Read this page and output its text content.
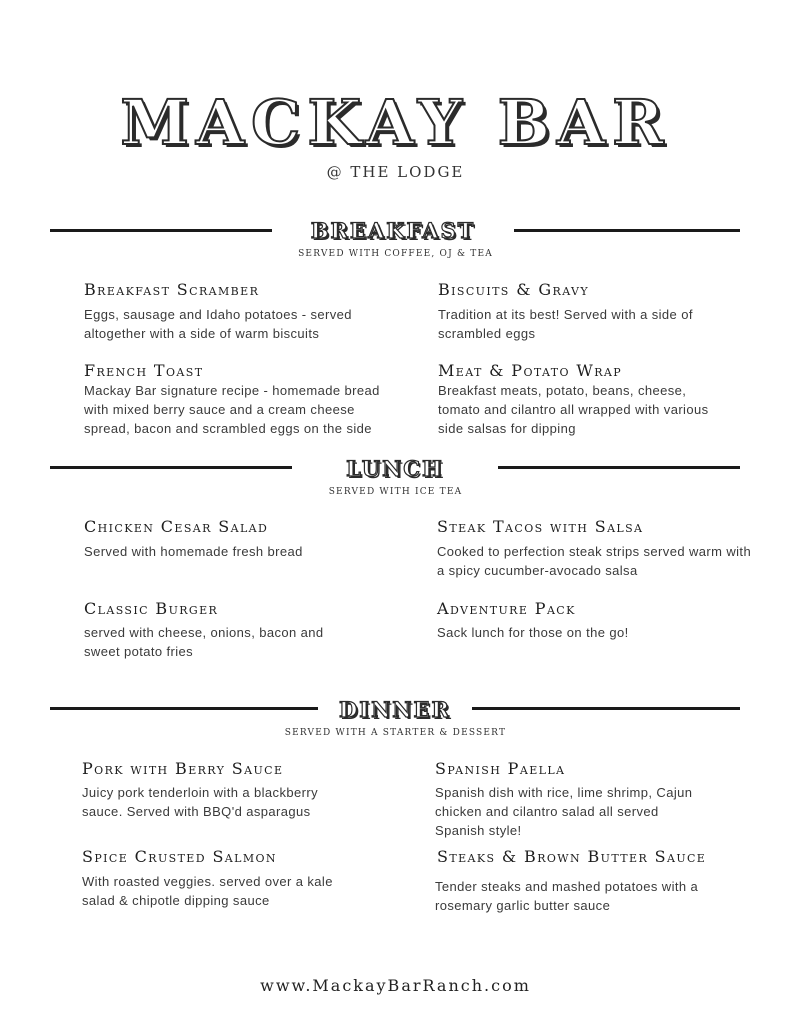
MACKAY BAR
@ THE LODGE
BREAKFAST
SERVED WITH COFFEE, OJ & TEA
Breakfast Scramber
Eggs, sausage and Idaho potatoes - served altogether with a side of warm biscuits
Biscuits & Gravy
Tradition at its best! Served with a side of scrambled eggs
French Toast
Mackay Bar signature recipe - homemade bread with mixed berry sauce and a cream cheese spread, bacon and scrambled eggs on the side
Meat & Potato Wrap
Breakfast meats, potato, beans, cheese, tomato and cilantro all wrapped with various side salsas for dipping
LUNCH
SERVED WITH ICE TEA
Chicken Cesar Salad
Served with homemade fresh bread
Steak Tacos with Salsa
Cooked to perfection steak strips served warm with a spicy cucumber-avocado salsa
Classic Burger
served with cheese, onions, bacon and sweet potato fries
Adventure Pack
Sack lunch for those on the go!
DINNER
SERVED WITH A STARTER & DESSERT
Pork with Berry Sauce
Juicy pork tenderloin with a blackberry sauce. Served with BBQ'd asparagus
Spanish Paella
Spanish dish with rice, lime shrimp, Cajun chicken and cilantro salad all served Spanish style!
Spice Crusted Salmon
With roasted veggies. served over a kale salad & chipotle dipping sauce
Steaks & Brown Butter Sauce
Tender steaks and mashed potatoes with a rosemary garlic butter sauce
www.MackayBarRanch.com
